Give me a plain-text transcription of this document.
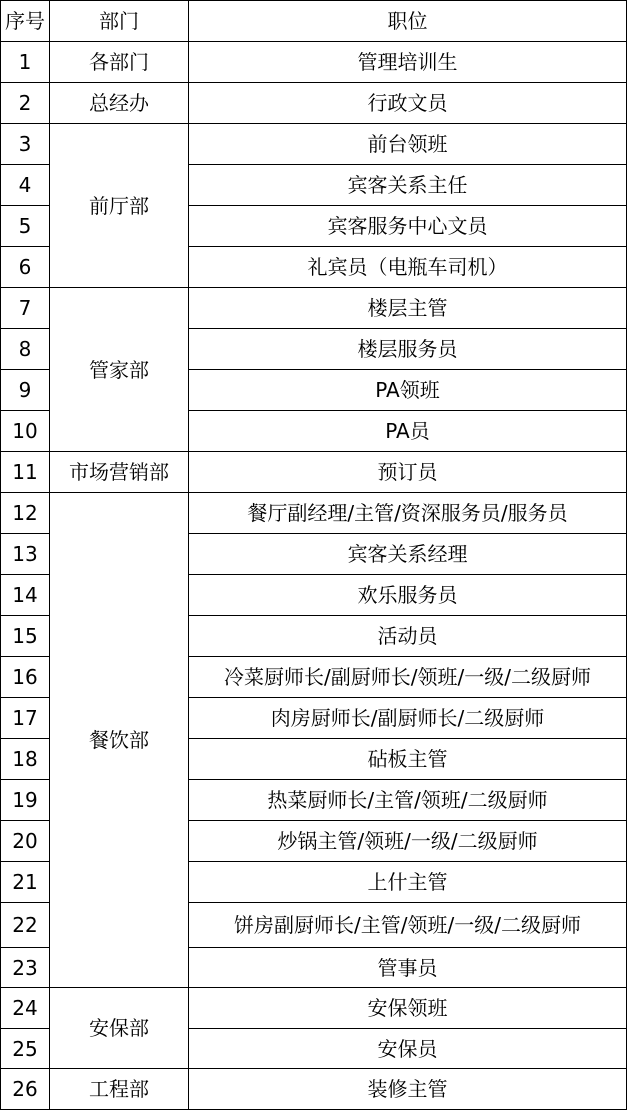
序号	部门	职位
1	各部门	管理培训生
2	总经办	行政文员
3	前厅部	前台领班
4		宾客关系主任
5		宾客服务中心文员
6		礼宾员（电瓶车司机）
7	管家部	楼层主管
8		楼层服务员
9		PA领班
10		PA员
11	市场营销部	预订员
12	餐饮部	餐厅副经理/主管/资深服务员/服务员
13		宾客关系经理
14		欢乐服务员
15		活动员
16		冷菜厨师长/副厨师长/领班/一级/二级厨师
17		肉房厨师长/副厨师长/二级厨师
18		砧板主管
19		热菜厨师长/主管/领班/二级厨师
20		炒锅主管/领班/一级/二级厨师
21		上什主管
22		饼房副厨师长/主管/领班/一级/二级厨师
23		管事员
24	安保部	安保领班
25		安保员
26	工程部	装修主管
